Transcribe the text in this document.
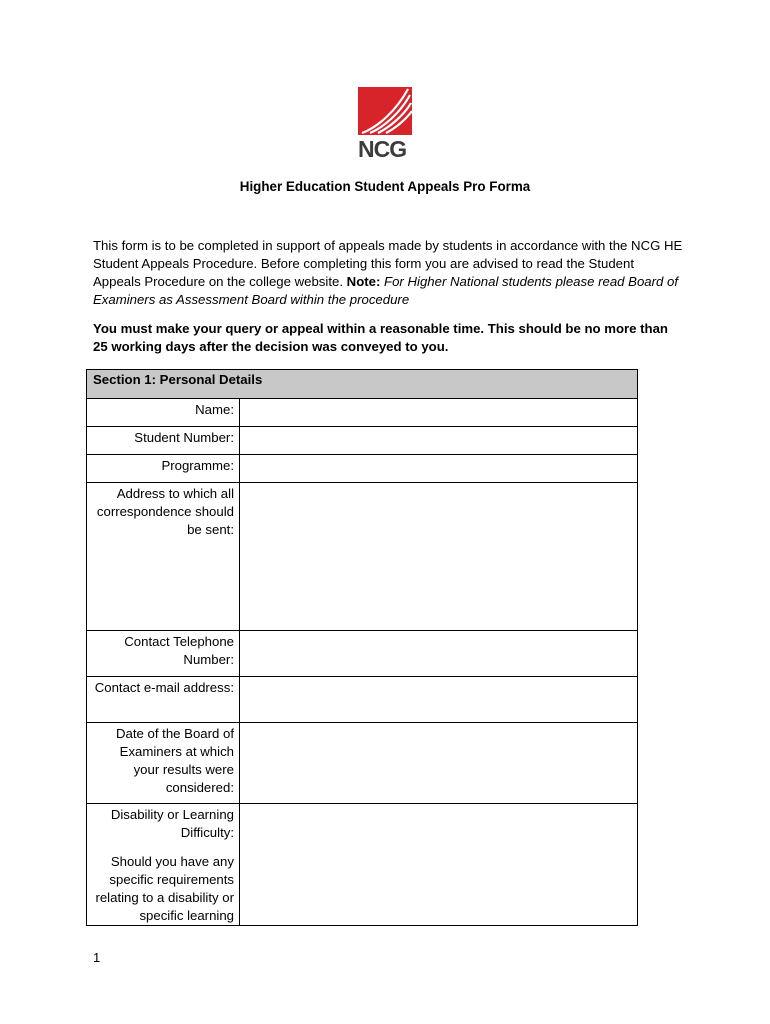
NCG
Higher Education Student Appeals Pro Forma
This form is to be completed in support of appeals made by students in accordance with the NCG HE Student Appeals Procedure. Before completing this form you are advised to read the Student Appeals Procedure on the college website. Note: For Higher National students please read Board of Examiners as Assessment Board within the procedure
You must make your query or appeal within a reasonable time. This should be no more than 25 working days after the decision was conveyed to you.
Section 1: Personal Details	
Name:	
Student Number:	
Programme:	
Address to which all correspondence should be sent:	
Contact Telephone Number:	
Contact e-mail address:	
Date of the Board of Examiners at which your results were considered:	

Disability or Learning Difficulty:
Should you have any specific requirements relating to a disability or specific learning	

1
